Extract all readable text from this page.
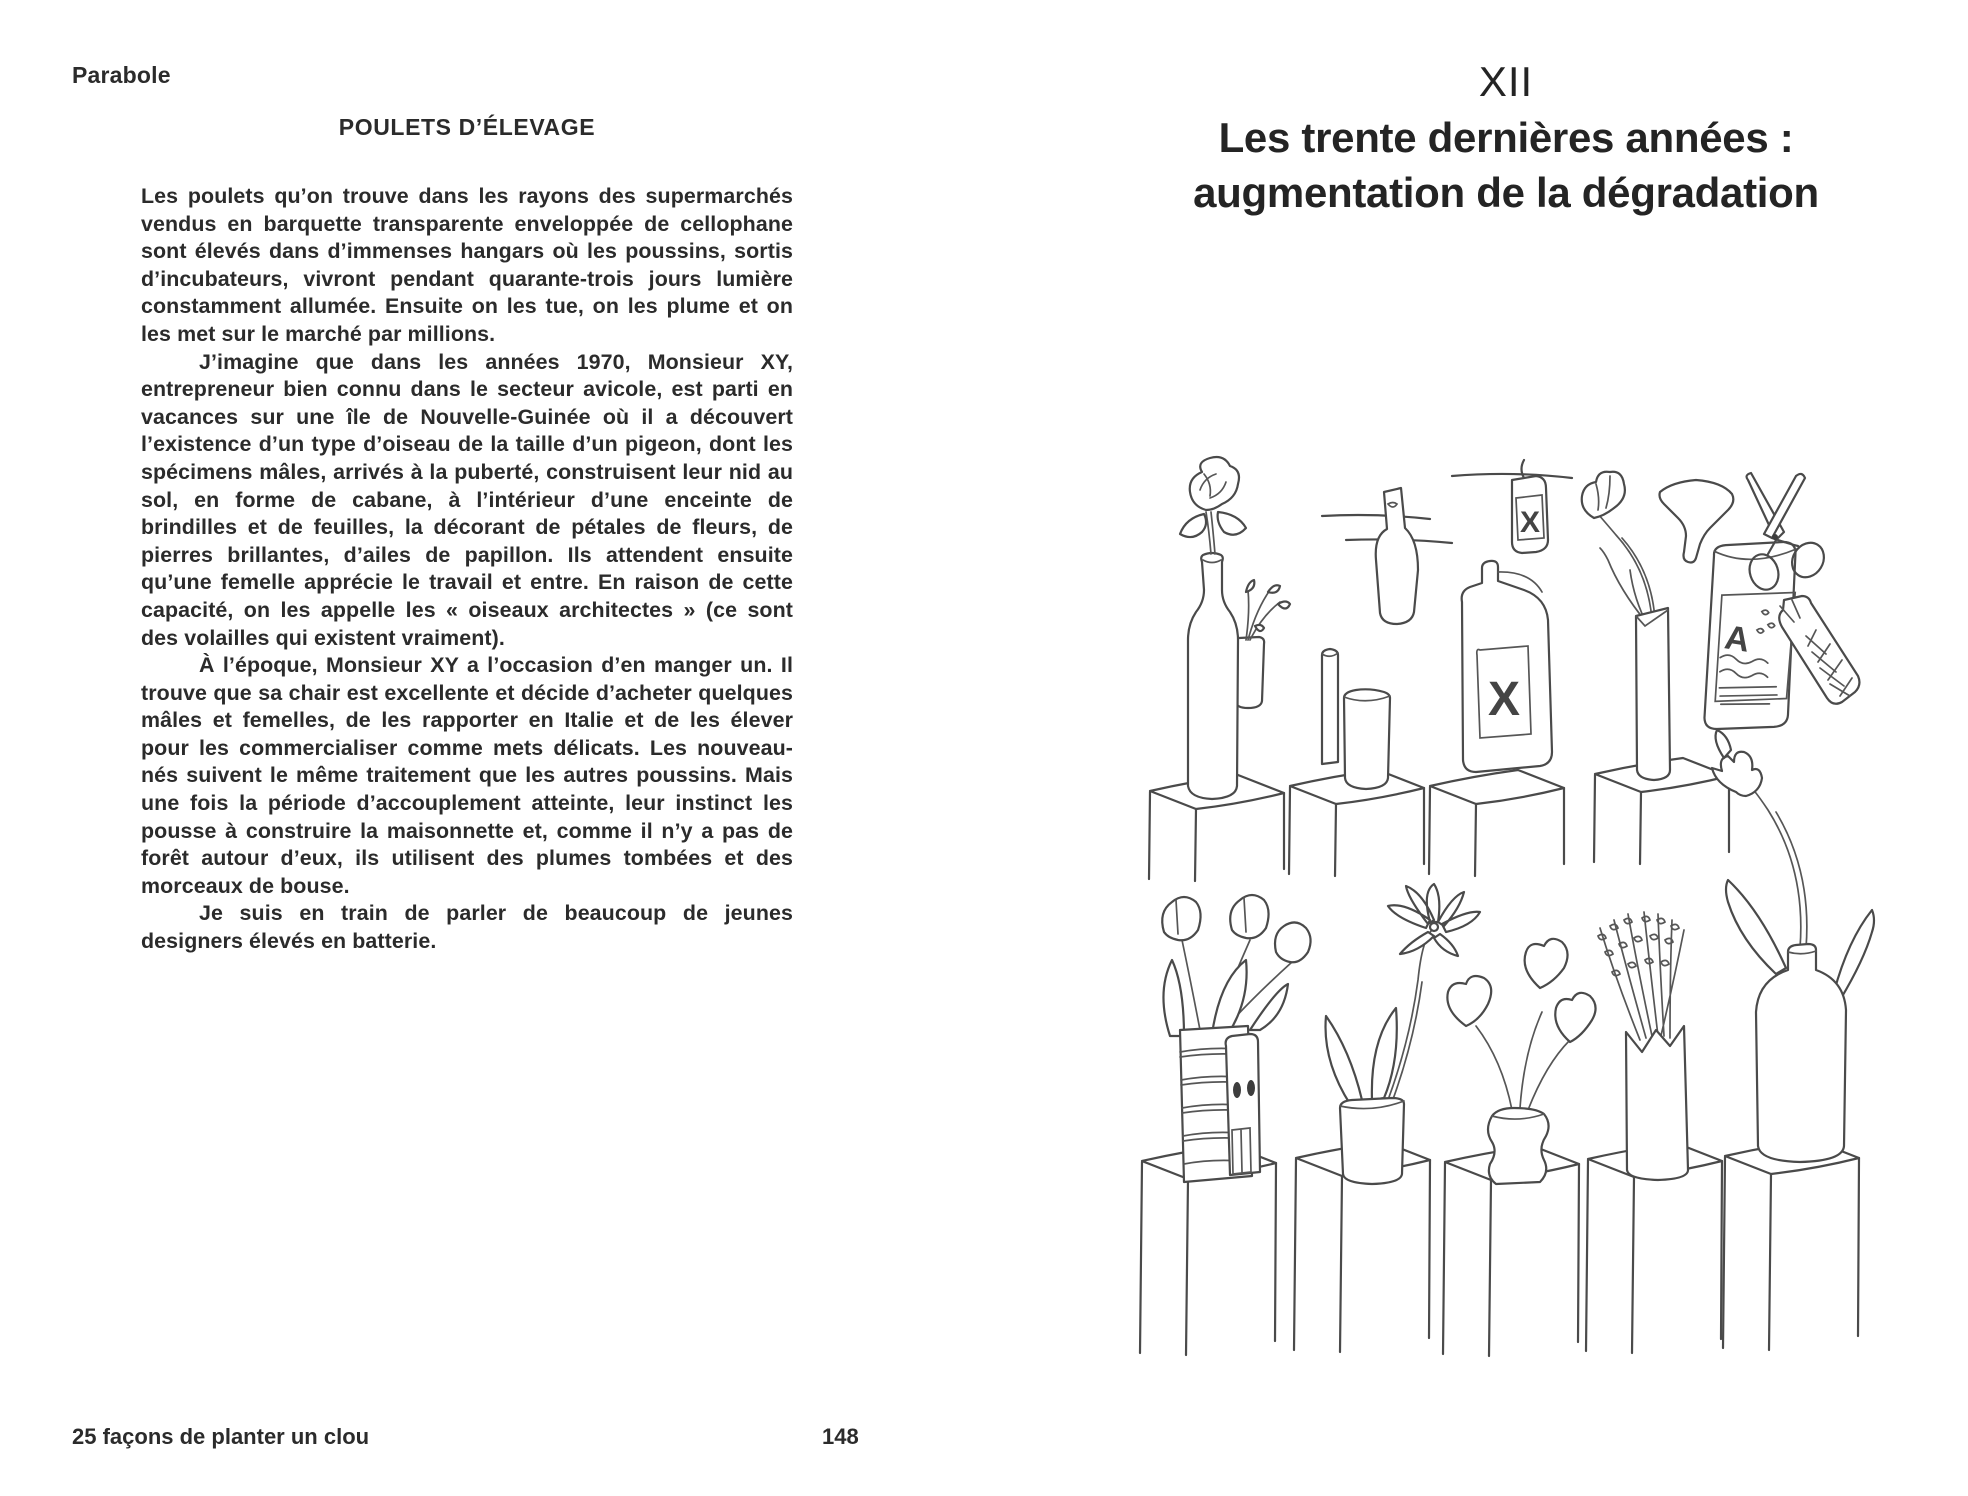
Parabole
POULETS D’ÉLEVAGE

Les poulets qu’on trouve dans les rayons des supermarchés vendus en barquette transparente enveloppée de cellophane sont élevés dans d’immenses hangars où les poussins, sortis d’incubateurs, vivront pendant quarante-trois jours lumière constamment allumée. Ensuite on les tue, on les plume et on les met sur le marché par millions.

J’imagine que dans les années 1970, Monsieur XY, entrepreneur bien connu dans le secteur avicole, est parti en vacances sur une île de Nouvelle-Guinée où il a découvert l’existence d’un type d’oiseau de la taille d’un pigeon, dont les spécimens mâles, arrivés à la puberté, construisent leur nid au sol, en forme de cabane, à l’intérieur d’une enceinte de brindilles et de feuilles, la décorant de pétales de fleurs, de pierres brillantes, d’ailes de papillon. Ils attendent ensuite qu’une femelle apprécie le travail et entre. En raison de cette capacité, on les appelle les « oiseaux architectes » (ce sont des volailles qui existent vraiment).

À l’époque, Monsieur XY a l’occasion d’en manger un. Il trouve que sa chair est excellente et décide d’acheter quelques mâles et femelles, de les rapporter en Italie et de les élever pour les commercialiser comme mets délicats. Les nouveau-nés suivent le même traitement que les autres poussins. Mais une fois la période d’accouplement atteinte, leur instinct les pousse à construire la maisonnette et, comme il n’y a pas de forêt autour d’eux, ils utilisent des plumes tombées et des morceaux de bouse.

Je suis en train de parler de beaucoup de jeunes designers élevés en batterie.

25 façons de planter un clou	148

XII

Les trente dernières années :
augmentation de la dégradation

X
X
A
